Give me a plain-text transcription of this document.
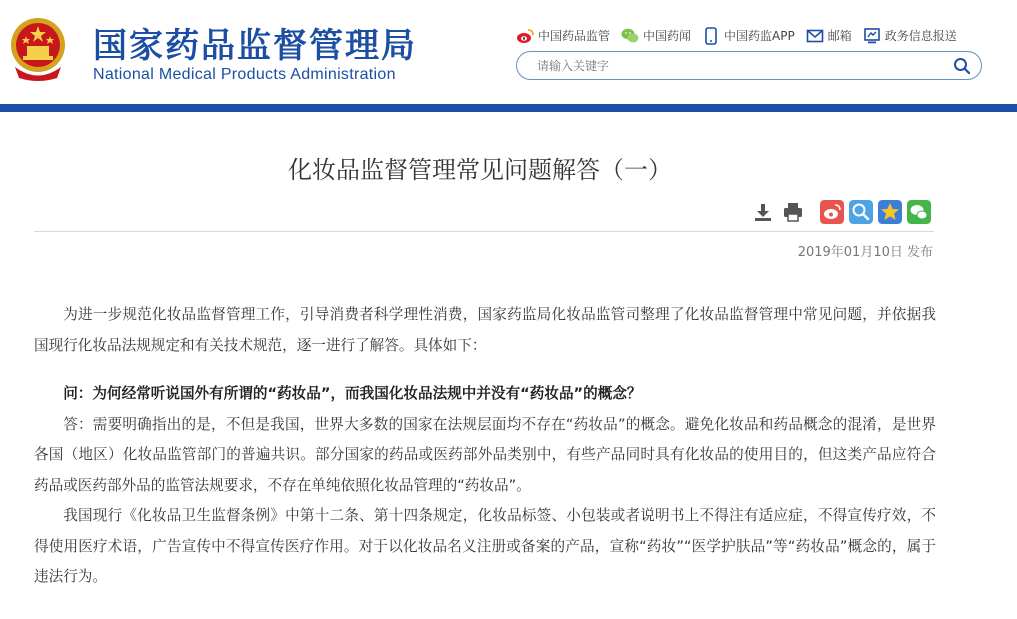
国家药品监督管理局
National Medical Products Administration
中国药品监管	中国药闻	中国药监APP	邮箱	政务信息报送
请输入关键字
化妆品监督管理常见问题解答（一）
2019年01月10日 发布

为进一步规范化妆品监督管理工作，引导消费者科学理性消费，国家药监局化妆品监管司整理了化妆品监督管理中常见问题，并依据我国现行化妆品法规规定和有关技术规范，逐一进行了解答。具体如下：

问：为何经常听说国外有所谓的“药妆品”，而我国化妆品法规中并没有“药妆品”的概念？

答：需要明确指出的是，不但是我国，世界大多数的国家在法规层面均不存在“药妆品”的概念。避免化妆品和药品概念的混淆，是世界各国（地区）化妆品监管部门的普遍共识。部分国家的药品或医药部外品类别中，有些产品同时具有化妆品的使用目的，但这类产品应符合药品或医药部外品的监管法规要求，不存在单纯依照化妆品管理的“药妆品”。

我国现行《化妆品卫生监督条例》中第十二条、第十四条规定，化妆品标签、小包装或者说明书上不得注有适应症，不得宣传疗效，不得使用医疗术语，广告宣传中不得宣传医疗作用。对于以化妆品名义注册或备案的产品，宣称“药妆”“医学护肤品”等“药妆品”概念的，属于违法行为。
